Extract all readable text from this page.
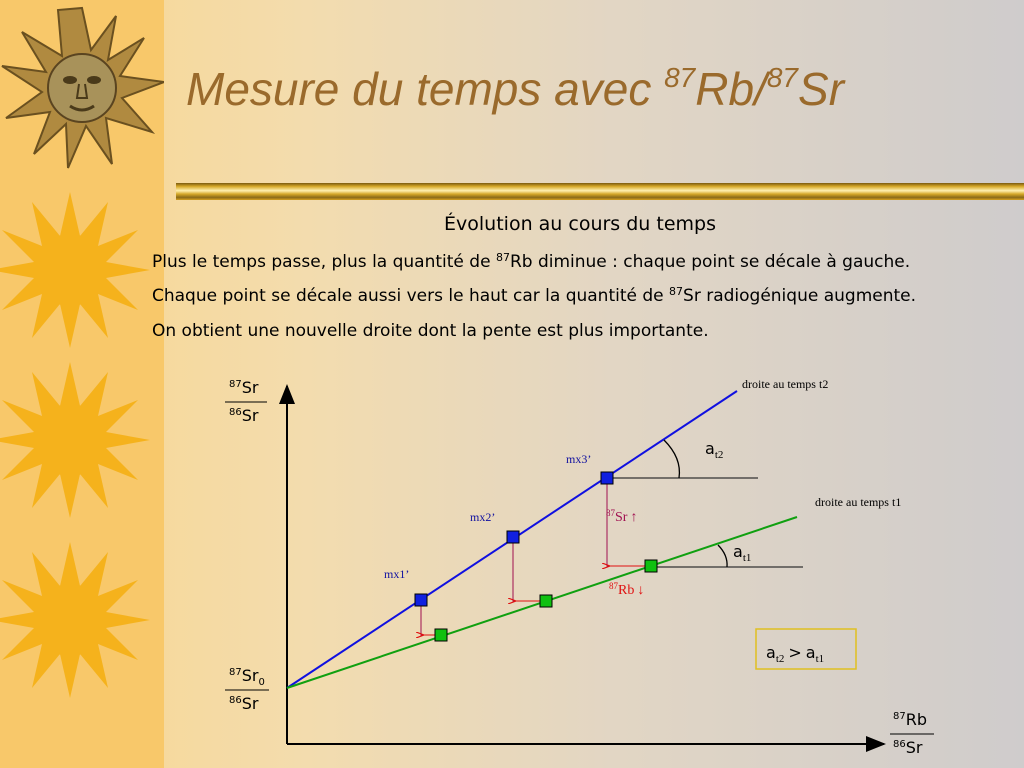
Mesure du temps avec $^{87}$Rb/$^{87}$Sr
Évolution au cours du temps
Plus le temps passe, plus la quantité de $^{87}$Rb diminue : chaque point se décale à gauche.
Chaque point se décale aussi vers le haut car la quantité de $^{87}$Sr radiogénique augmente.
On obtient une nouvelle droite dont la pente est plus importante.
mx1’
mx2’
mx3’
droite au temps t2
droite au temps t1
$^{87}$Sr ↑
$^{87}$Rb ↓
$a_{t2}$
$a_{t1}$
$a_{t2} > a_{t1}$
$^{87}$Sr
$^{86}$Sr
$^{87}Sr_0$
$^{86}$Sr
$^{87}$Rb
$^{86}$Sr
